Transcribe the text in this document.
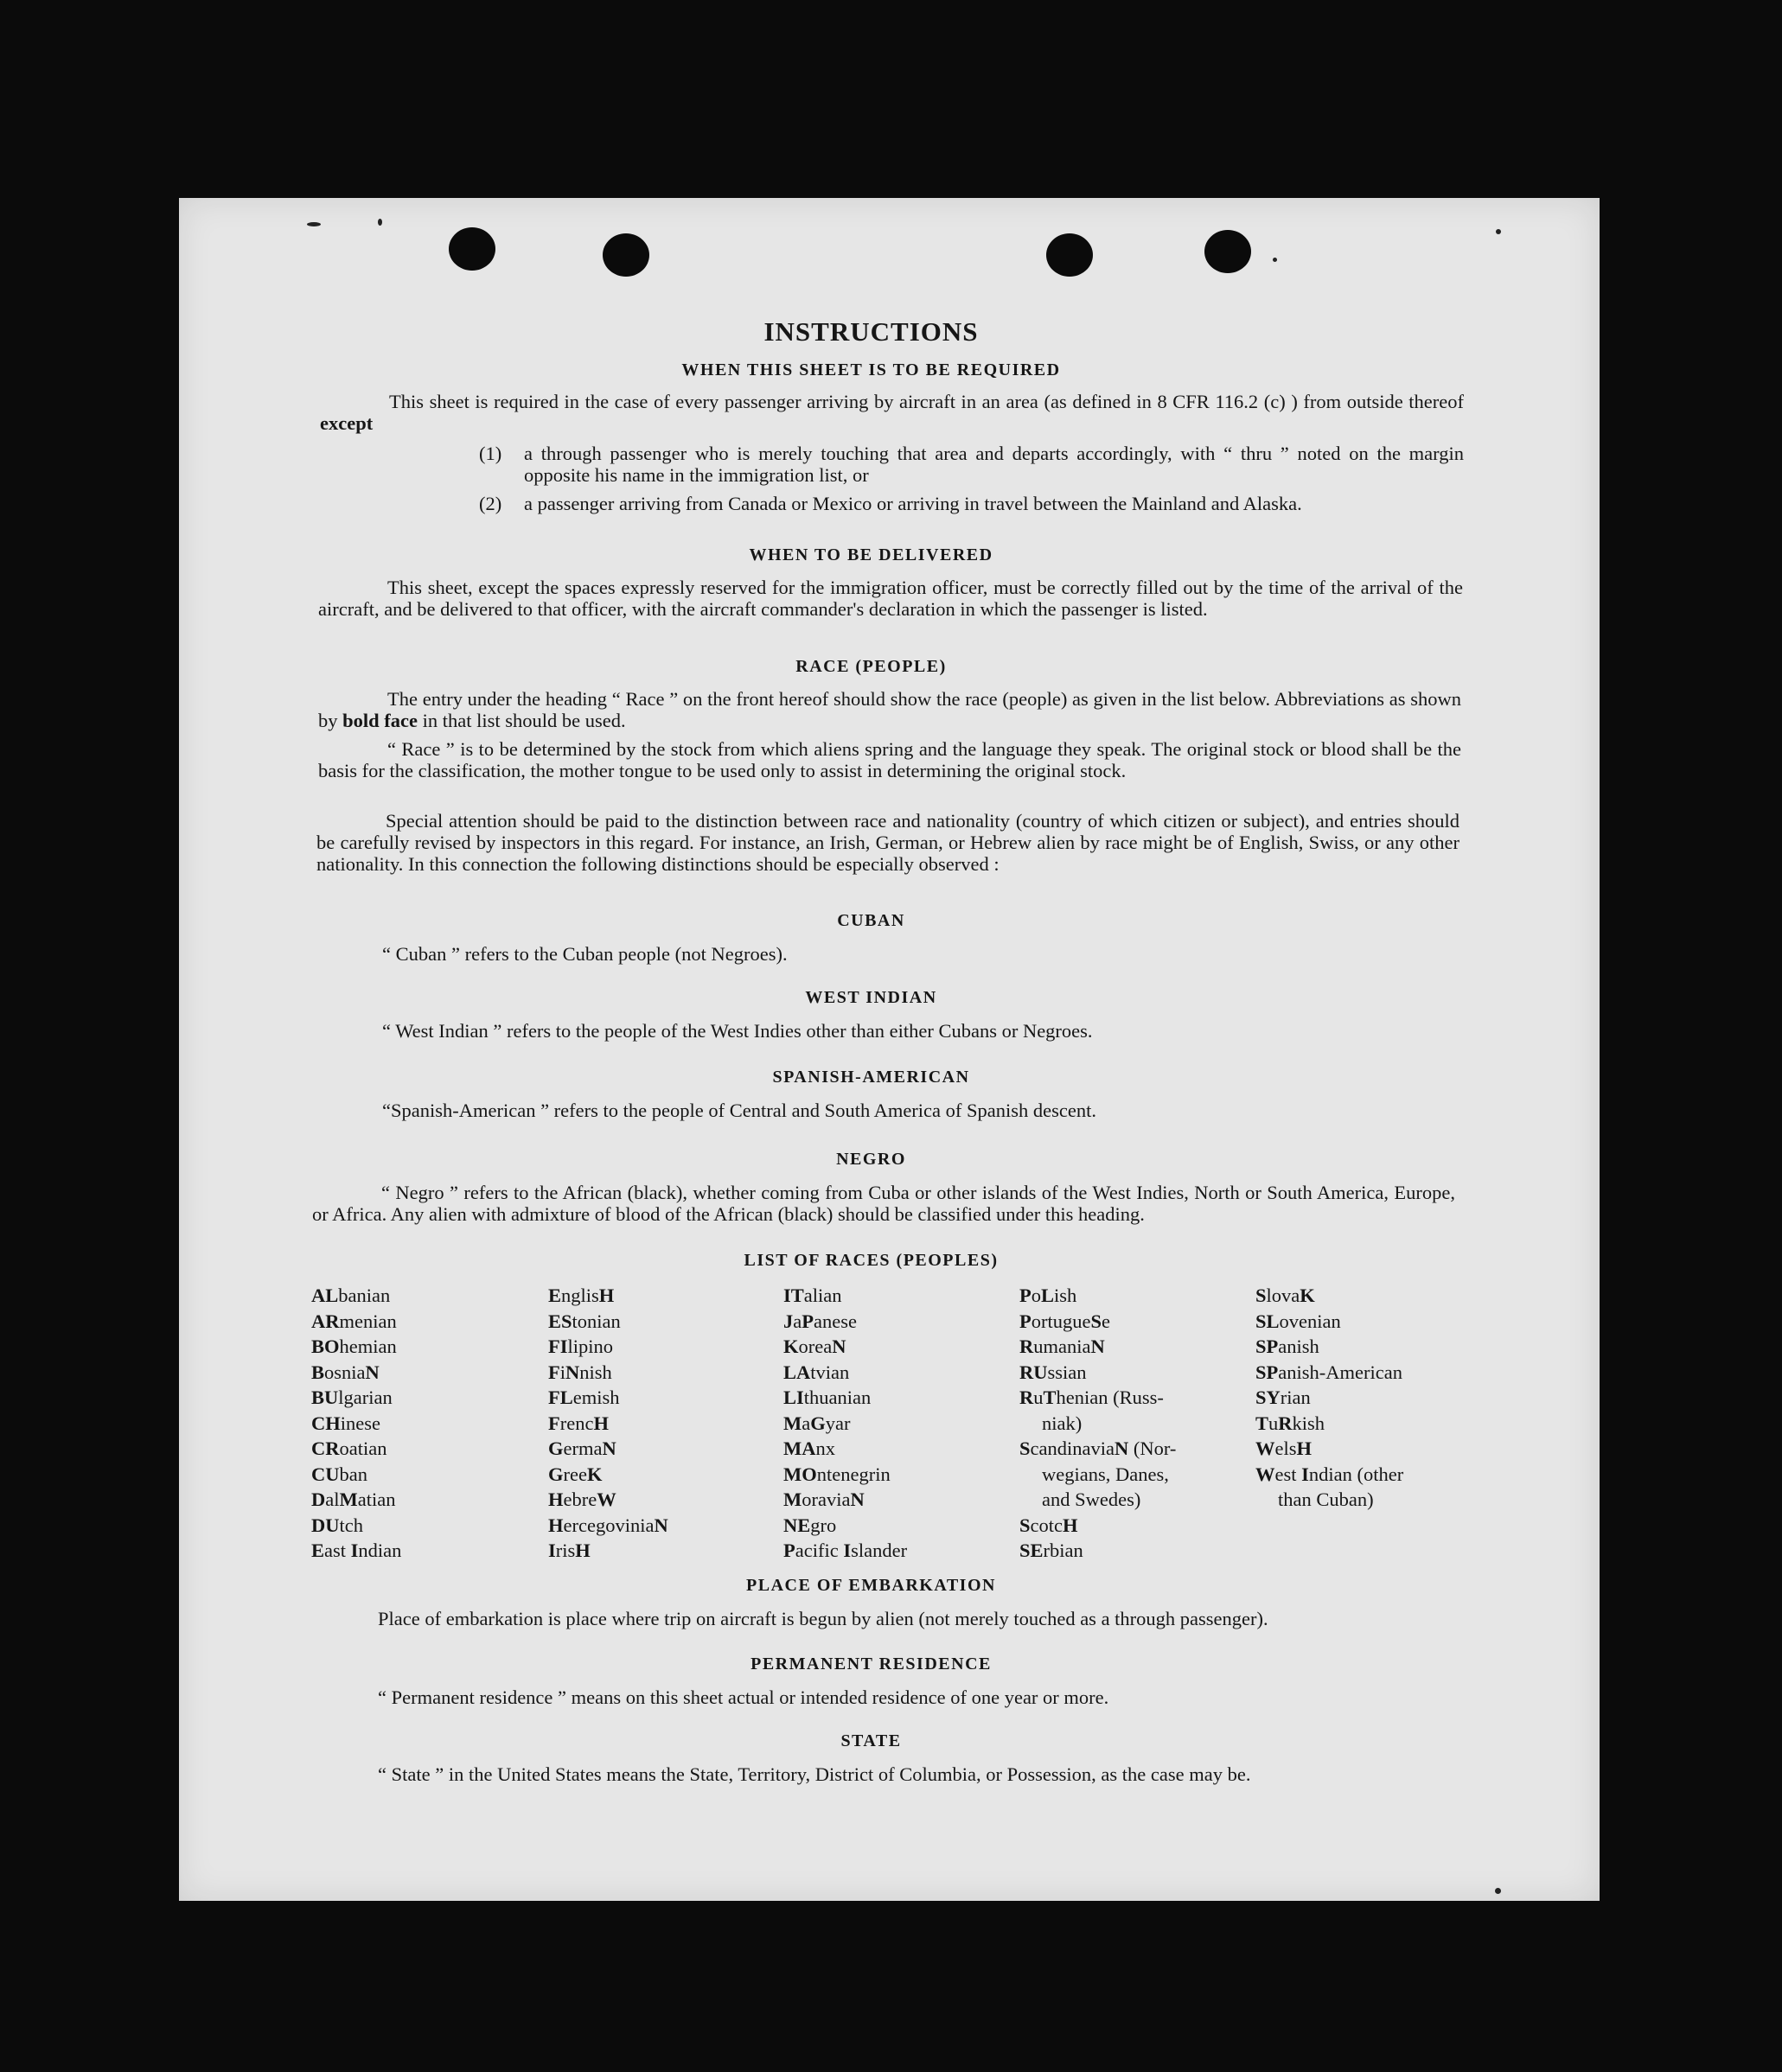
INSTRUCTIONS
WHEN THIS SHEET IS TO BE REQUIRED

This sheet is required in the case of every passenger arriving by aircraft in an area (as defined in 8 CFR 116.2 (c) ) from outside thereof except

(1) a through passenger who is merely touching that area and departs accordingly, with “ thru ” noted on the margin opposite his name in the immigration list, or
(2) a passenger arriving from Canada or Mexico or arriving in travel between the Mainland and Alaska.
WHEN TO BE DELIVERED

This sheet, except the spaces expressly reserved for the immigration officer, must be correctly filled out by the time of the arrival of the aircraft, and be delivered to that officer, with the aircraft commander's declaration in which the passenger is listed.

RACE (PEOPLE)

The entry under the heading “ Race ” on the front hereof should show the race (people) as given in the list below. Abbreviations as shown by bold face in that list should be used.

“ Race ” is to be determined by the stock from which aliens spring and the language they speak. The original stock or blood shall be the basis for the classification, the mother tongue to be used only to assist in determining the original stock.

Special attention should be paid to the distinction between race and nationality (country of which citizen or subject), and entries should be carefully revised by inspectors in this regard. For instance, an Irish, German, or Hebrew alien by race might be of English, Swiss, or any other nationality. In this connection the following distinctions should be especially observed :

CUBAN

“ Cuban ” refers to the Cuban people (not Negroes).

WEST INDIAN

“ West Indian ” refers to the people of the West Indies other than either Cubans or Negroes.

SPANISH-AMERICAN

“Spanish-American ” refers to the people of Central and South America of Spanish descent.

NEGRO

“ Negro ” refers to the African (black), whether coming from Cuba or other islands of the West Indies, North or South America, Europe, or Africa. Any alien with admixture of blood of the African (black) should be classified under this heading.

LIST OF RACES (PEOPLES)
ALbanian
ARmenian
BOhemian
BosniaN
BUlgarian
CHinese
CRoatian
CUban
DalMatian
DUtch
East Indian
EnglisH
EStonian
FIlipino
FiNnish
FLemish
FrencH
GermaN
GreeK
HebreW
HercegoviniaN
IrisH
ITalian
JaPanese
KoreaN
LAtvian
LIthuanian
MaGyar
MAnx
MOntenegrin
MoraviaN
NEgro
Pacific Islander
PoLish
PortugueSe
RumaniaN
RUssian
RuThenian (Russ-
niak)
ScandinaviaN (Nor-
wegians, Danes,
and Swedes)
ScotcH
SErbian
SlovaK
SLovenian
SPanish
SPanish-American
SYrian
TuRkish
WelsH
West Indian (other
than Cuban)
PLACE OF EMBARKATION

Place of embarkation is place where trip on aircraft is begun by alien (not merely touched as a through passenger).

PERMANENT RESIDENCE

“ Permanent residence ” means on this sheet actual or intended residence of one year or more.

STATE

“ State ” in the United States means the State, Territory, District of Columbia, or Possession, as the case may be.
